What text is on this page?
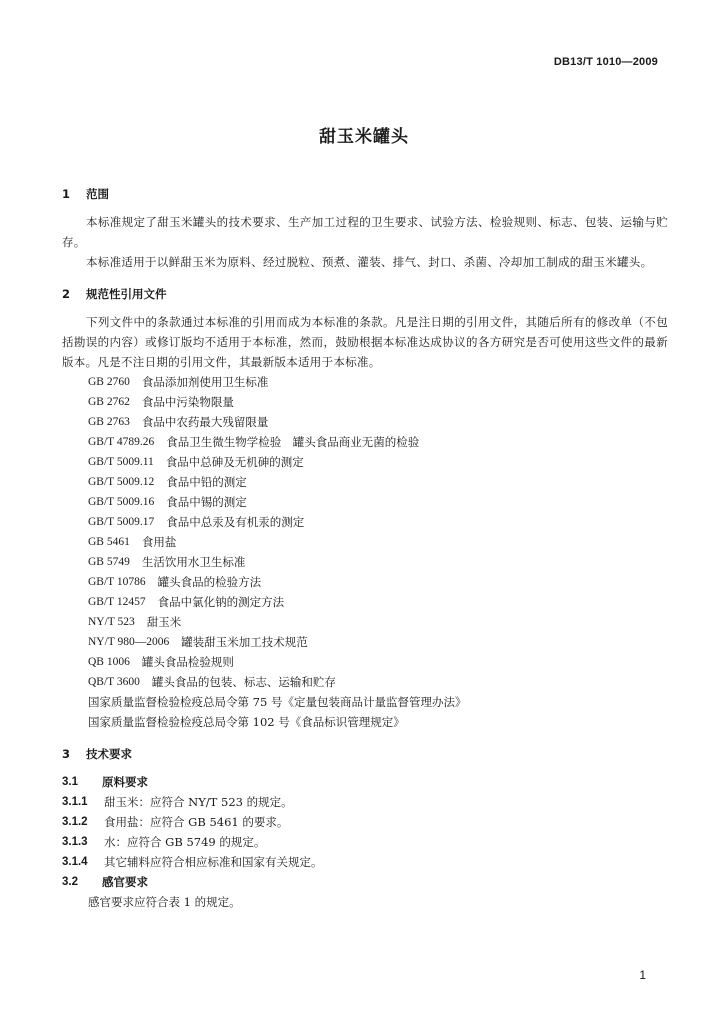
DB13/T 1010—2009
甜玉米罐头
1 范围

本标准规定了甜玉米罐头的技术要求、生产加工过程的卫生要求、试验方法、检验规则、标志、包装、运输与贮存。

本标准适用于以鲜甜玉米为原料、经过脱粒、预煮、灌装、排气、封口、杀菌、冷却加工制成的甜玉米罐头。

2 规范性引用文件

下列文件中的条款通过本标准的引用而成为本标准的条款。凡是注日期的引用文件，其随后所有的修改单（不包括勘误的内容）或修订版均不适用于本标准，然而，鼓励根据本标准达成协议的各方研究是否可使用这些文件的最新版本。凡是不注日期的引用文件，其最新版本适用于本标准。

GB 2760 食品添加剂使用卫生标准
GB 2762 食品中污染物限量
GB 2763 食品中农药最大残留限量
GB/T 4789.26 食品卫生微生物学检验　罐头食品商业无菌的检验
GB/T 5009.11 食品中总砷及无机砷的测定
GB/T 5009.12 食品中铅的测定
GB/T 5009.16 食品中锡的测定
GB/T 5009.17 食品中总汞及有机汞的测定
GB 5461 食用盐
GB 5749 生活饮用水卫生标准
GB/T 10786 罐头食品的检验方法
GB/T 12457 食品中氯化钠的测定方法
NY/T 523 甜玉米
NY/T 980—2006 罐装甜玉米加工技术规范
QB 1006 罐头食品检验规则
QB/T 3600 罐头食品的包装、标志、运输和贮存
国家质量监督检验检疫总局令第 75 号《定量包装商品计量监督管理办法》
国家质量监督检验检疫总局令第 102 号《食品标识管理规定》
3 技术要求
3.1	原料要求
3.1.1	甜玉米：应符合 NY/T 523 的规定。
3.1.2	食用盐：应符合 GB 5461 的要求。
3.1.3	水：应符合 GB 5749 的规定。
3.1.4	其它辅料应符合相应标准和国家有关规定。
3.2	感官要求
感官要求应符合表 1 的规定。
1
